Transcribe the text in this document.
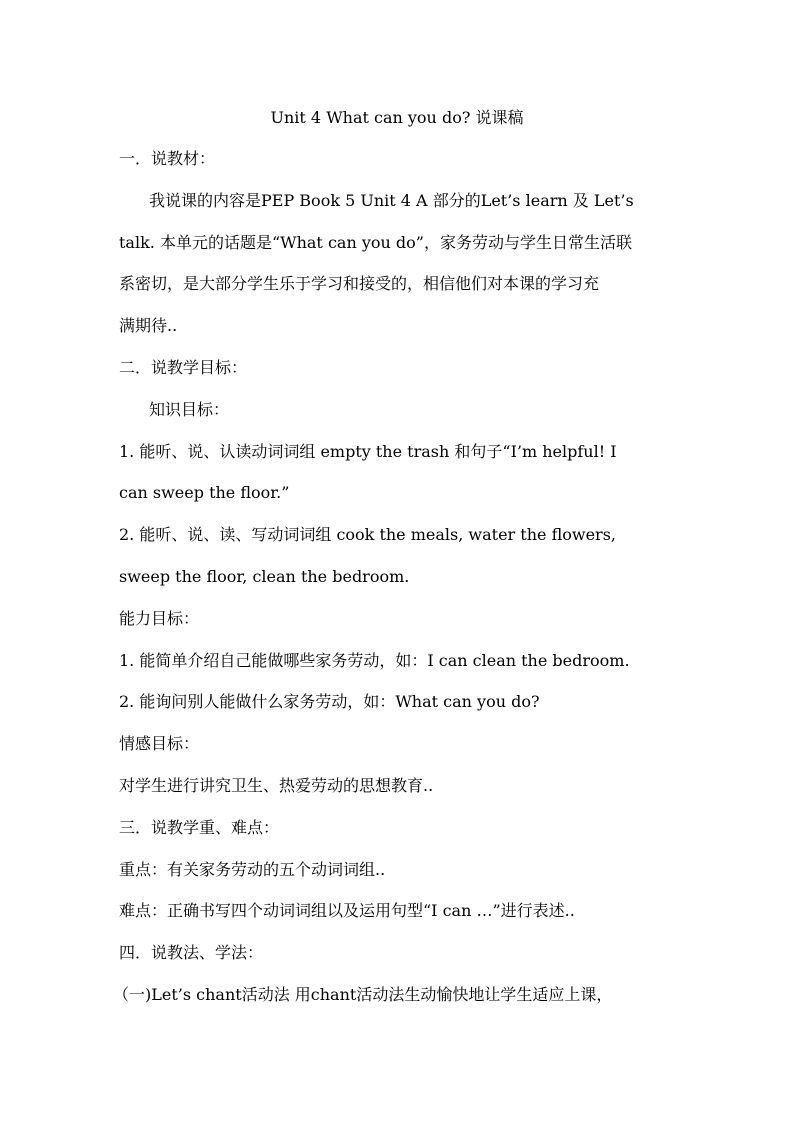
Unit 4 What can you do? 说课稿
一．说教材：
我说课的内容是PEP Book 5 Unit 4 A 部分的Let’s learn 及 Let’s
talk. 本单元的话题是“What can you do”，家务劳动与学生日常生活联
系密切，是大部分学生乐于学习和接受的，相信他们对本课的学习充
满期待..
二．说教学目标：
知识目标：
1. 能听、说、认读动词词组 empty the trash 和句子“I’m helpful! I
can sweep the floor.”
2. 能听、说、读、写动词词组 cook the meals, water the flowers,
sweep the floor, clean the bedroom.
能力目标：
1. 能简单介绍自己能做哪些家务劳动，如：I can clean the bedroom.
2. 能询问别人能做什么家务劳动，如：What can you do?
情感目标：
对学生进行讲究卫生、热爱劳动的思想教育..
三．说教学重、难点：
重点：有关家务劳动的五个动词词组..
难点：正确书写四个动词词组以及运用句型“I can …”进行表述..
四．说教法、学法：
（一)Let’s chant活动法 用chant活动法生动愉快地让学生适应上课，
